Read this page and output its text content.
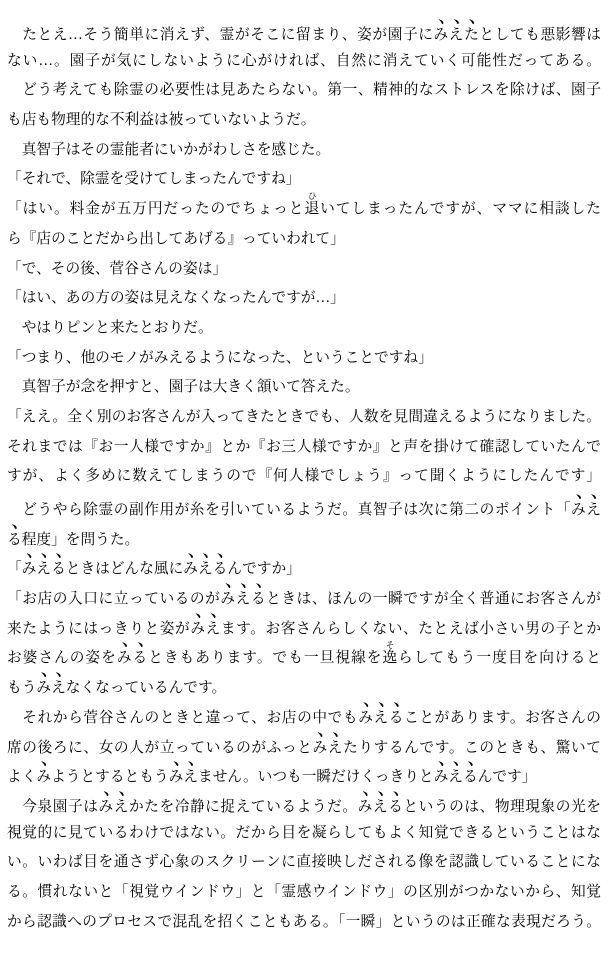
　たとえ…そう簡単に消えず、霊がそこに留まり、姿が園子にみえたとしても悪影響は

ない…。園子が気にしないように心がければ、自然に消えていく可能性だってある。

　どう考えても除霊の必要性は見あたらない。第一、精神的なストレスを除けば、園子

も店も物理的な不利益は被っていないようだ。

　真智子はその霊能者にいかがわしさを感じた。

「それで、除霊を受けてしまったんですね」

「はい。料金が五万円だったのでちょっと退
ひ
いてしまったんですが、ママに相談した

ら『店のことだから出してあげる』っていわれて」

「で、その後、菅谷さんの姿は」

「はい、あの方の姿は見えなくなったんですが…」

　やはりピンと来たとおりだ。

「つまり、他のモノがみえるようになった、ということですね」

　真智子が念を押すと、園子は大きく頷いて答えた。

「ええ。全く別のお客さんが入ってきたときでも、人数を見間違えるようになりました。

それまでは『お一人様ですか』とか『お三人様ですか』と声を掛けて確認していたんで

すが、よく多めに数えてしまうので『何人様でしょう』って聞くようにしたんです」

　どうやら除霊の副作用が糸を引いているようだ。真智子は次に第二のポイント「みえ

る程度」を問うた。

「みえるときはどんな風にみえるんですか」

「お店の入口に立っているのがみえるときは、ほんの一瞬ですが全く普通にお客さんが

来たようにはっきりと姿がみえます。お客さんらしくない、たとえば小さい男の子とか

お婆さんの姿をみるときもあります。でも一旦視線を逸
そ
らしてもう一度目を向けると

もうみえなくなっているんです。

　それから菅谷さんのときと違って、お店の中でもみえることがあります。お客さんの

席の後ろに、女の人が立っているのがふっとみえたりするんです。このときも、驚いて

よくみようとするともうみえません。いつも一瞬だけくっきりとみえるんです」

　今泉園子はみえかたを冷静に捉えているようだ。みえるというのは、物理現象の光を

視覚的に見ているわけではない。だから目を凝らしてもよく知覚できるということはな

い。いわば目を通さず心象のスクリーンに直接映しだされる像を認識していることにな

る。慣れないと「視覚ウインドウ」と「霊感ウインドウ」の区別がつかないから、知覚

から認識へのプロセスで混乱を招くこともある。「一瞬」というのは正確な表現だろう。
